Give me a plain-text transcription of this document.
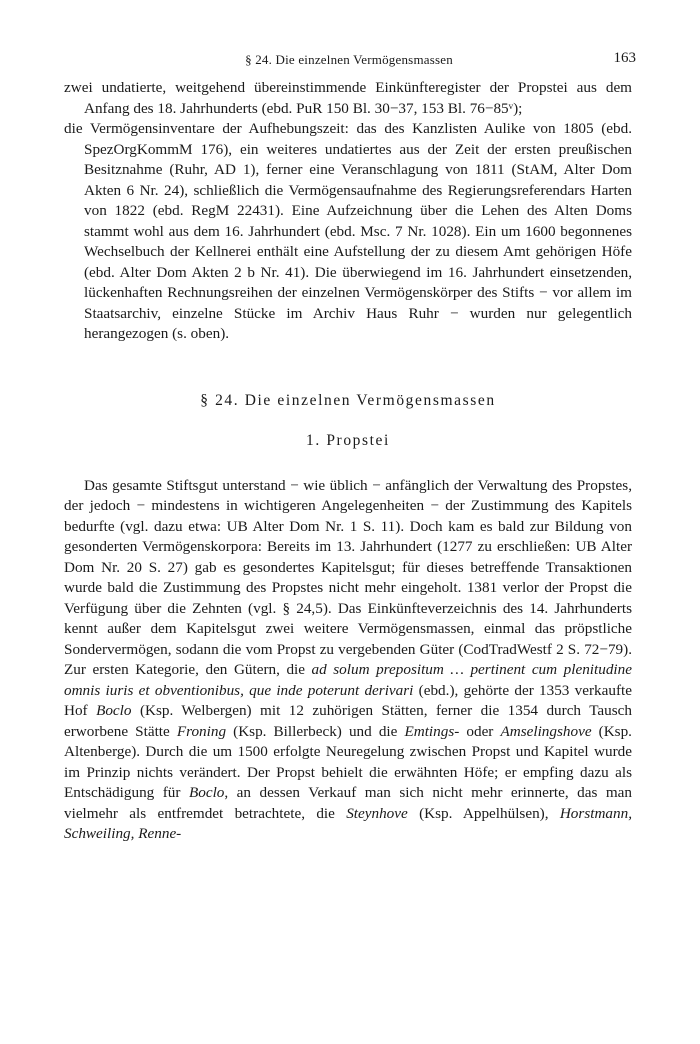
§ 24. Die einzelnen Vermögensmassen	163

zwei undatierte, weitgehend übereinstimmende Einkünfteregister der Propstei aus dem Anfang des 18. Jahrhunderts (ebd. PuR 150 Bl. 30−37, 153 Bl. 76−85ᵛ);

die Vermögensinventare der Aufhebungszeit: das des Kanzlisten Aulike von 1805 (ebd. SpezOrgKommM 176), ein weiteres undatiertes aus der Zeit der ersten preußischen Besitznahme (Ruhr, AD 1), ferner eine Veranschlagung von 1811 (StAM, Alter Dom Akten 6 Nr. 24), schließlich die Vermögensaufnahme des Regierungsreferendars Harten von 1822 (ebd. RegM 22431). Eine Aufzeichnung über die Lehen des Alten Doms stammt wohl aus dem 16. Jahrhundert (ebd. Msc. 7 Nr. 1028). Ein um 1600 begonnenes Wechselbuch der Kellnerei enthält eine Aufstellung der zu diesem Amt gehörigen Höfe (ebd. Alter Dom Akten 2 b Nr. 41). Die überwiegend im 16. Jahrhundert einsetzenden, lückenhaften Rechnungsreihen der einzelnen Vermögenskörper des Stifts − vor allem im Staatsarchiv, einzelne Stücke im Archiv Haus Ruhr − wurden nur gelegentlich herangezogen (s. oben).

§ 24. Die einzelnen Vermögensmassen
1. Propstei

Das gesamte Stiftsgut unterstand − wie üblich − anfänglich der Verwaltung des Propstes, der jedoch − mindestens in wichtigeren Angelegenheiten − der Zustimmung des Kapitels bedurfte (vgl. dazu etwa: UB Alter Dom Nr. 1 S. 11). Doch kam es bald zur Bildung von gesonderten Vermögenskorpora: Bereits im 13. Jahrhundert (1277 zu erschließen: UB Alter Dom Nr. 20 S. 27) gab es gesondertes Kapitelsgut; für dieses betreffende Transaktionen wurde bald die Zustimmung des Propstes nicht mehr eingeholt. 1381 verlor der Propst die Verfügung über die Zehnten (vgl. § 24,5). Das Einkünfteverzeichnis des 14. Jahrhunderts kennt außer dem Kapitelsgut zwei weitere Vermögensmassen, einmal das pröpstliche Sondervermögen, sodann die vom Propst zu vergebenden Güter (CodTradWestf 2 S. 72−79). Zur ersten Kategorie, den Gütern, die ad solum prepositum … pertinent cum plenitudine omnis iuris et obventionibus, que inde poterunt derivari (ebd.), gehörte der 1353 verkaufte Hof Boclo (Ksp. Welbergen) mit 12 zuhörigen Stätten, ferner die 1354 durch Tausch erworbene Stätte Froning (Ksp. Billerbeck) und die Emtings- oder Amselingshove (Ksp. Altenberge). Durch die um 1500 erfolgte Neuregelung zwischen Propst und Kapitel wurde im Prinzip nichts verändert. Der Propst behielt die erwähnten Höfe; er empfing dazu als Entschädigung für Boclo, an dessen Verkauf man sich nicht mehr erinnerte, das man vielmehr als entfremdet betrachtete, die Steynhove (Ksp. Appelhülsen), Horstmann, Schweiling, Renne-
